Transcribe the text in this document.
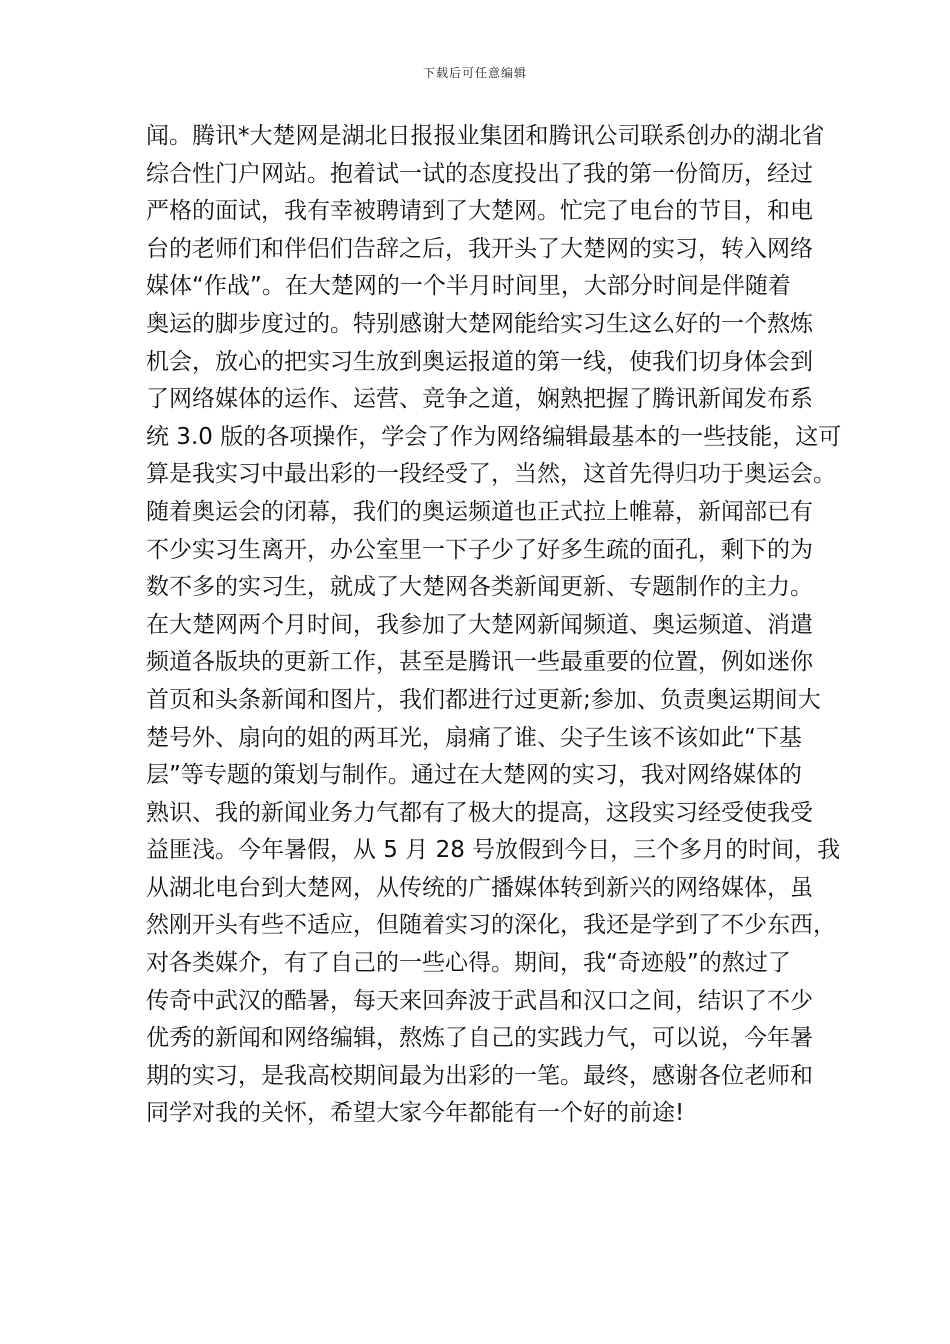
下载后可任意编辑
闻。腾讯*大楚网是湖北日报报业集团和腾讯公司联系创办的湖北省
综合性门户网站。抱着试一试的态度投出了我的第一份简历，经过
严格的面试，我有幸被聘请到了大楚网。忙完了电台的节目，和电
台的老师们和伴侣们告辞之后，我开头了大楚网的实习，转入网络
媒体“作战”。在大楚网的一个半月时间里，大部分时间是伴随着
奥运的脚步度过的。特别感谢大楚网能给实习生这么好的一个熬炼
机会，放心的把实习生放到奥运报道的第一线，使我们切身体会到
了网络媒体的运作、运营、竞争之道，娴熟把握了腾讯新闻发布系
统 3.0 版的各项操作，学会了作为网络编辑最基本的一些技能，这可
算是我实习中最出彩的一段经受了，当然，这首先得归功于奥运会。
随着奥运会的闭幕，我们的奥运频道也正式拉上帷幕，新闻部已有
不少实习生离开，办公室里一下子少了好多生疏的面孔，剩下的为
数不多的实习生，就成了大楚网各类新闻更新、专题制作的主力。
在大楚网两个月时间，我参加了大楚网新闻频道、奥运频道、消遣
频道各版块的更新工作，甚至是腾讯一些最重要的位置，例如迷你
首页和头条新闻和图片，我们都进行过更新;参加、负责奥运期间大
楚号外、扇向的姐的两耳光，扇痛了谁、尖子生该不该如此“下基
层”等专题的策划与制作。通过在大楚网的实习，我对网络媒体的
熟识、我的新闻业务力气都有了极大的提高，这段实习经受使我受
益匪浅。今年暑假，从 5 月 28 号放假到今日，三个多月的时间，我
从湖北电台到大楚网，从传统的广播媒体转到新兴的网络媒体，虽
然刚开头有些不适应，但随着实习的深化，我还是学到了不少东西，
对各类媒介，有了自己的一些心得。期间，我“奇迹般”的熬过了
传奇中武汉的酷暑，每天来回奔波于武昌和汉口之间，结识了不少
优秀的新闻和网络编辑，熬炼了自己的实践力气，可以说，今年暑
期的实习，是我高校期间最为出彩的一笔。最终，感谢各位老师和
同学对我的关怀，希望大家今年都能有一个好的前途!
